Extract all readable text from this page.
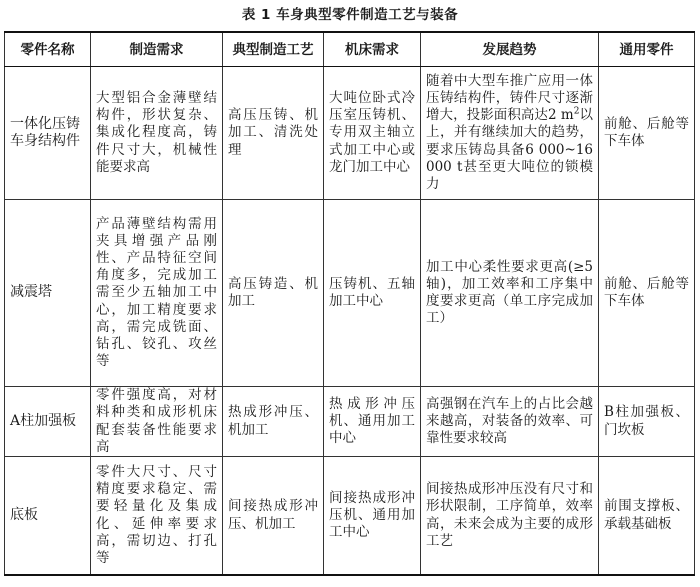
表 1 车身典型零件制造工艺与装备
零件名称	制造需求	典型制造工艺	机床需求	发展趋势	通用零件
一体化压铸车身结构件	大型铝合金薄壁结构件，形状复杂、集成化程度高，铸件尺寸大，机械性能要求高	高压压铸、机加工、清洗处理	大吨位卧式冷压室压铸机、专用双主轴立式加工中心或龙门加工中心	随着中大型车推广应用一体压铸结构件，铸件尺寸逐渐增大，投影面积高达2 $m^2$以上，并有继续加大的趋势，要求压铸岛具备6 000~16 000 t甚至更大吨位的锁模力	前舱、后舱等下车体
减震塔	产品薄壁结构需用夹具增强产品刚性、产品特征空间角度多，完成加工需至少五轴加工中心，加工精度要求高，需完成铣面、钻孔、铰孔、攻丝等	高压铸造、机加工	压铸机、五轴加工中心	加工中心柔性要求更高(≥5轴)，加工效率和工序集中度要求更高（单工序完成加工）	前舱、后舱等下车体
A柱加强板	零件强度高，对材料种类和成形机床配套装备性能要求高	热成形冲压、机加工	热成形冲压机、通用加工中心	高强钢在汽车上的占比会越来越高，对装备的效率、可靠性要求较高	B柱加强板、门坎板
底板	零件大尺寸、尺寸精度要求稳定、需要轻量化及集成化、延伸率要求高，需切边、打孔等	间接热成形冲压、机加工	间接热成形冲压机、通用加工中心	间接热成形冲压没有尺寸和形状限制，工序简单，效率高，未来会成为主要的成形工艺	前围支撑板、承载基础板
